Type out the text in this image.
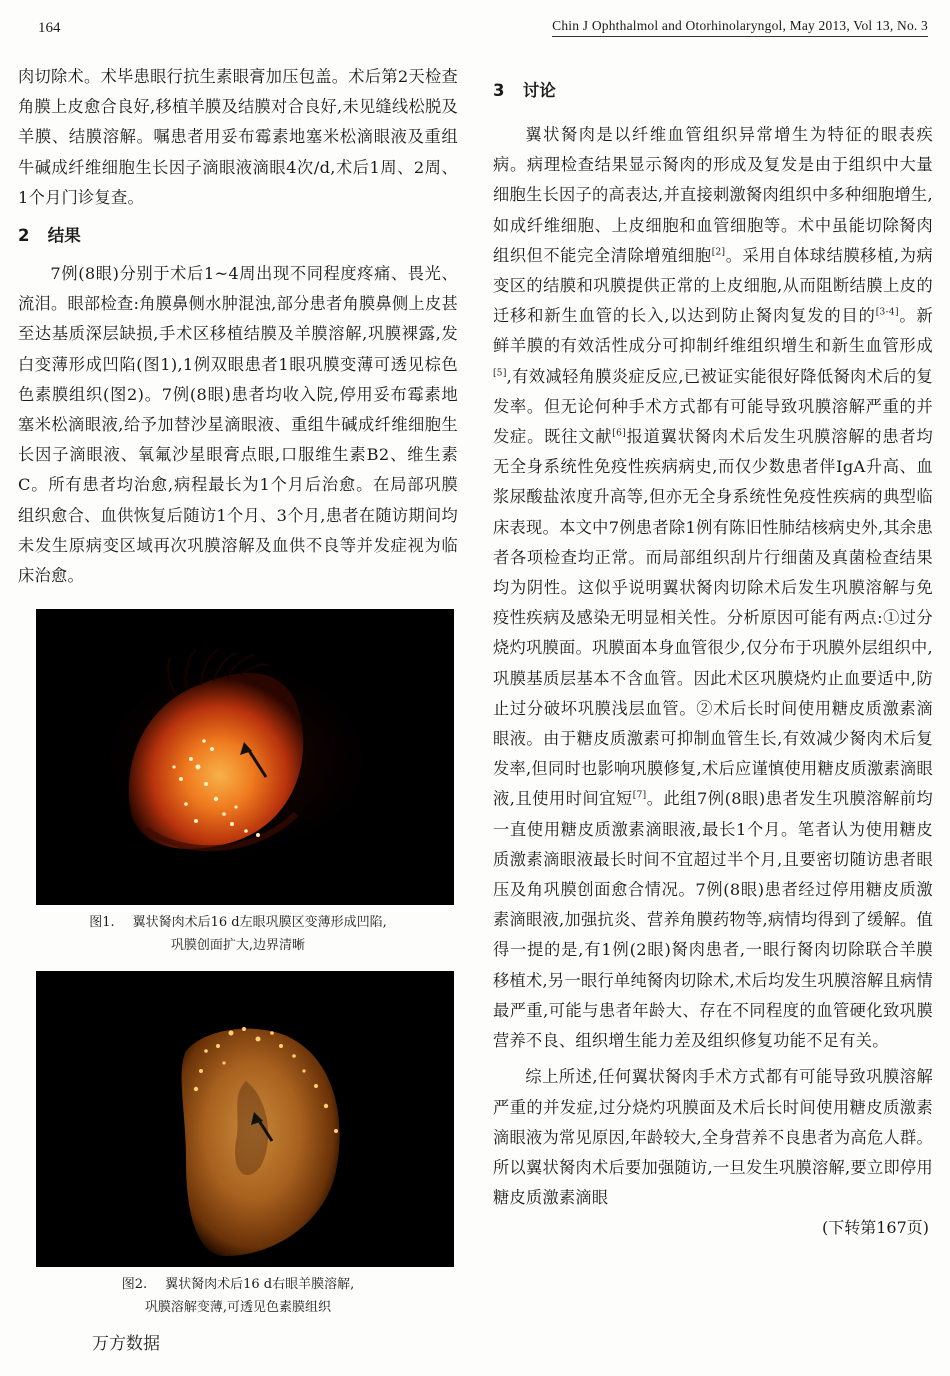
164	Chin J Ophthalmol and Otorhinolaryngol, May 2013, Vol 13, No. 3

肉切除术。术毕患眼行抗生素眼膏加压包盖。术后第2天检查角膜上皮愈合良好,移植羊膜及结膜对合良好,未见缝线松脱及羊膜、结膜溶解。嘱患者用妥布霉素地塞米松滴眼液及重组牛碱成纤维细胞生长因子滴眼液滴眼4次/d,术后1周、2周、1个月门诊复查。

2 结果

7例(8眼)分别于术后1~4周出现不同程度疼痛、畏光、流泪。眼部检查:角膜鼻侧水肿混浊,部分患者角膜鼻侧上皮甚至达基质深层缺损,手术区移植结膜及羊膜溶解,巩膜裸露,发白变薄形成凹陷(图1),1例双眼患者1眼巩膜变薄可透见棕色色素膜组织(图2)。7例(8眼)患者均收入院,停用妥布霉素地塞米松滴眼液,给予加替沙星滴眼液、重组牛碱成纤维细胞生长因子滴眼液、氧氟沙星眼膏点眼,口服维生素B2、维生素C。所有患者均治愈,病程最长为1个月后治愈。在局部巩膜组织愈合、血供恢复后随访1个月、3个月,患者在随访期间均未发生原病变区域再次巩膜溶解及血供不良等并发症视为临床治愈。

图1. 翼状胬肉术后16 d左眼巩膜区变薄形成凹陷,
巩膜创面扩大,边界清晰
图2. 翼状胬肉术后16 d右眼羊膜溶解,
巩膜溶解变薄,可透见色素膜组织
3 讨论

翼状胬肉是以纤维血管组织异常增生为特征的眼表疾病。病理检查结果显示胬肉的形成及复发是由于组织中大量细胞生长因子的高表达,并直接刺激胬肉组织中多种细胞增生,如成纤维细胞、上皮细胞和血管细胞等。术中虽能切除胬肉组织但不能完全清除增殖细胞[2]。采用自体球结膜移植,为病变区的结膜和巩膜提供正常的上皮细胞,从而阻断结膜上皮的迁移和新生血管的长入,以达到防止胬肉复发的目的[3-4]。新鲜羊膜的有效活性成分可抑制纤维组织增生和新生血管形成[5],有效减轻角膜炎症反应,已被证实能很好降低胬肉术后的复发率。但无论何种手术方式都有可能导致巩膜溶解严重的并发症。既往文献[6]报道翼状胬肉术后发生巩膜溶解的患者均无全身系统性免疫性疾病病史,而仅少数患者伴IgA升高、血浆尿酸盐浓度升高等,但亦无全身系统性免疫性疾病的典型临床表现。本文中7例患者除1例有陈旧性肺结核病史外,其余患者各项检查均正常。而局部组织刮片行细菌及真菌检查结果均为阴性。这似乎说明翼状胬肉切除术后发生巩膜溶解与免疫性疾病及感染无明显相关性。分析原因可能有两点:①过分烧灼巩膜面。巩膜面本身血管很少,仅分布于巩膜外层组织中,巩膜基质层基本不含血管。因此术区巩膜烧灼止血要适中,防止过分破坏巩膜浅层血管。②术后长时间使用糖皮质激素滴眼液。由于糖皮质激素可抑制血管生长,有效减少胬肉术后复发率,但同时也影响巩膜修复,术后应谨慎使用糖皮质激素滴眼液,且使用时间宜短[7]。此组7例(8眼)患者发生巩膜溶解前均一直使用糖皮质激素滴眼液,最长1个月。笔者认为使用糖皮质激素滴眼液最长时间不宜超过半个月,且要密切随访患者眼压及角巩膜创面愈合情况。7例(8眼)患者经过停用糖皮质激素滴眼液,加强抗炎、营养角膜药物等,病情均得到了缓解。值得一提的是,有1例(2眼)胬肉患者,一眼行胬肉切除联合羊膜移植术,另一眼行单纯胬肉切除术,术后均发生巩膜溶解且病情最严重,可能与患者年龄大、存在不同程度的血管硬化致巩膜营养不良、组织增生能力差及组织修复功能不足有关。

综上所述,任何翼状胬肉手术方式都有可能导致巩膜溶解严重的并发症,过分烧灼巩膜面及术后长时间使用糖皮质激素滴眼液为常见原因,年龄较大,全身营养不良患者为高危人群。所以翼状胬肉术后要加强随访,一旦发生巩膜溶解,要立即停用糖皮质激素滴眼

(下转第167页)
万方数据
